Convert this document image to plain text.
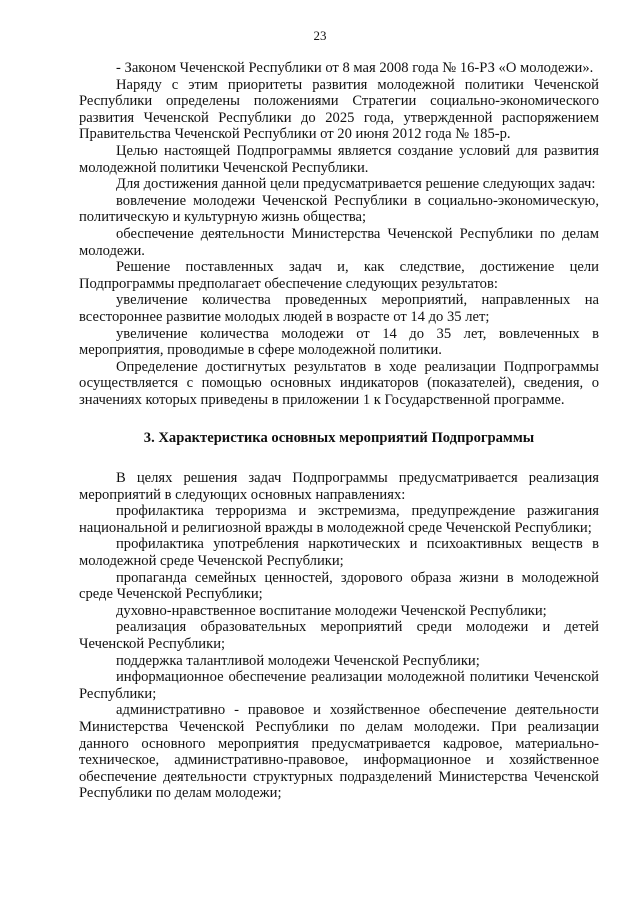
23

- Законом Чеченской Республики от 8 мая 2008 года № 16-РЗ «О молодежи».

Наряду с этим приоритеты развития молодежной политики Чеченской Республики определены положениями Стратегии социально-экономического развития Чеченской Республики до 2025 года, утвержденной распоряжением Правительства Чеченской Республики от 20 июня 2012 года № 185-р.

Целью настоящей Подпрограммы является создание условий для развития молодежной политики Чеченской Республики.

Для достижения данной цели предусматривается решение следующих задач:

вовлечение молодежи Чеченской Республики в социально-экономическую, политическую и культурную жизнь общества;

обеспечение деятельности Министерства Чеченской Республики по делам молодежи.

Решение поставленных задач и, как следствие, достижение цели Подпрограммы предполагает обеспечение следующих результатов:

увеличение количества проведенных мероприятий, направленных на всестороннее развитие молодых людей в возрасте от 14 до 35 лет;

увеличение количества молодежи от 14 до 35 лет, вовлеченных в мероприятия, проводимые в сфере молодежной политики.

Определение достигнутых результатов в ходе реализации Подпрограммы осуществляется с помощью основных индикаторов (показателей), сведения, о значениях которых приведены в приложении 1 к Государственной программе.

3. Характеристика основных мероприятий Подпрограммы

В целях решения задач Подпрограммы предусматривается реализация мероприятий в следующих основных направлениях:

профилактика терроризма и экстремизма, предупреждение разжигания национальной и религиозной вражды в молодежной среде Чеченской Республики;

профилактика употребления наркотических и психоактивных веществ в молодежной среде Чеченской Республики;

пропаганда семейных ценностей, здорового образа жизни в молодежной среде Чеченской Республики;

духовно-нравственное воспитание молодежи Чеченской Республики;

реализация образовательных мероприятий среди молодежи и детей Чеченской Республики;

поддержка талантливой молодежи Чеченской Республики;

информационное обеспечение реализации молодежной политики Чеченской Республики;

административно - правовое и хозяйственное обеспечение деятельности Министерства Чеченской Республики по делам молодежи. При реализации данного основного мероприятия предусматривается кадровое, материально-техническое, административно-правовое, информационное и хозяйственное обеспечение деятельности структурных подразделений Министерства Чеченской Республики по делам молодежи;
